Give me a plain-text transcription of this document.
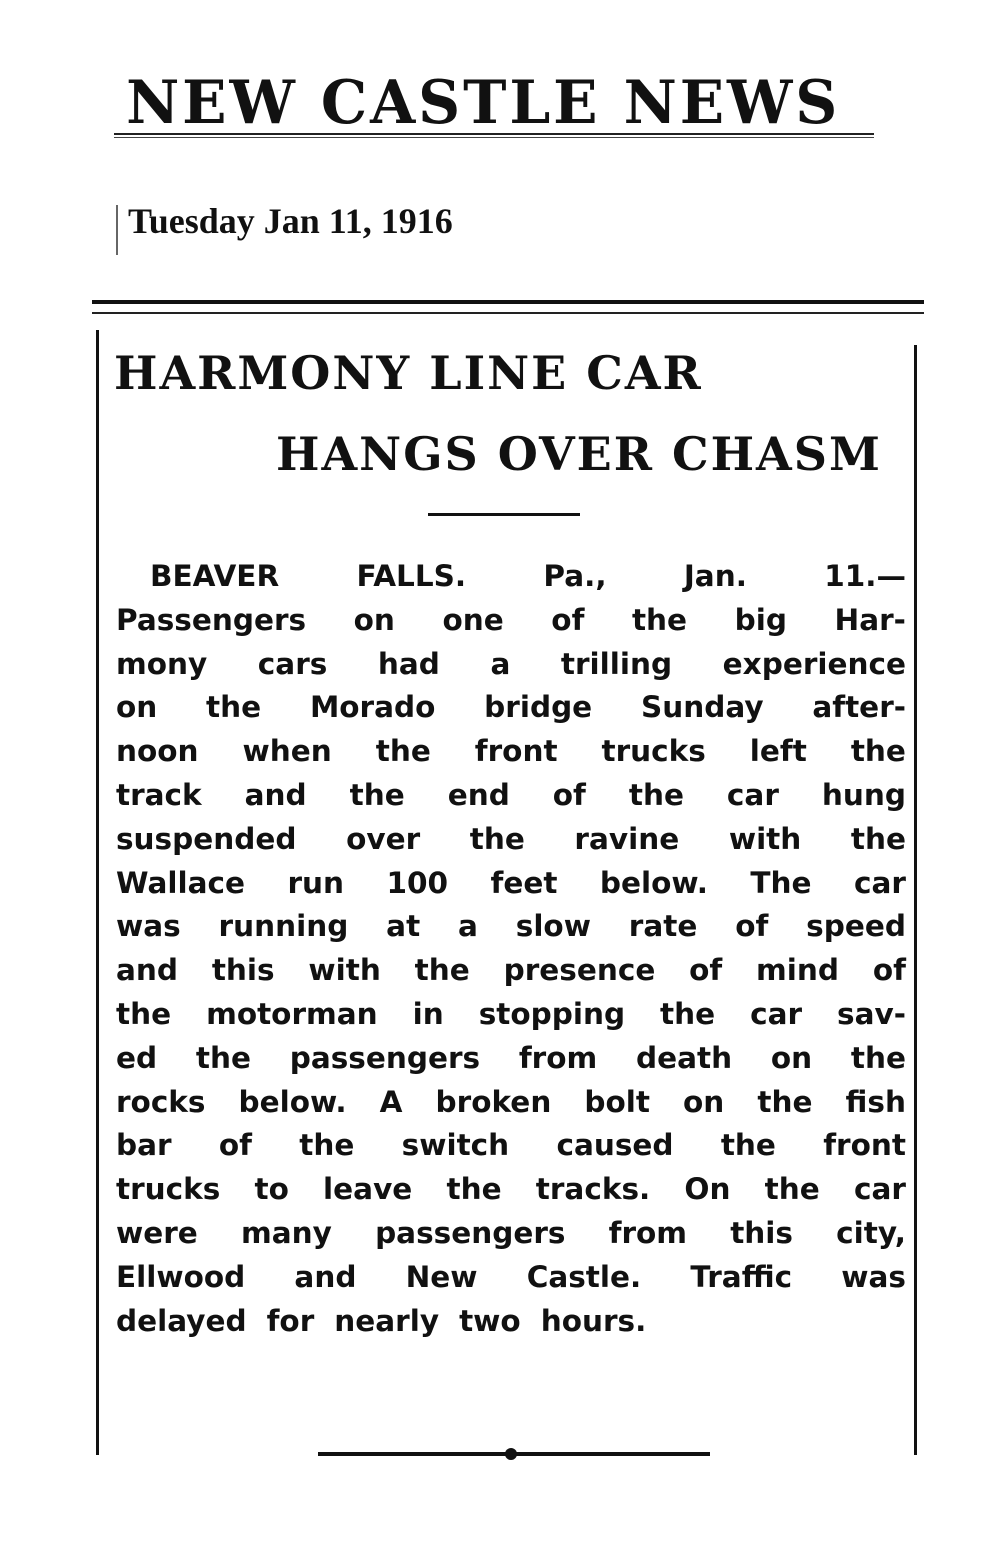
NEW CASTLE NEWS
Tuesday Jan 11, 1916
HARMONY LINE CAR
HANGS OVER CHASM
BEAVER	FALLS.	Pa.,	Jan.	11.—
Passengers on one of the big Har-
mony cars had a trilling experience
on the Morado bridge Sunday after-
noon when the front trucks left the
track and the end of the car hung
suspended over the ravine with the
Wallace run 100 feet below. The car
was running at a slow rate of speed
and this with the presence of mind of
the motorman in stopping the car sav-
ed the passengers from death on the
rocks below. A broken bolt on the fish
bar of the switch caused the front
trucks to leave the tracks. On the car
were many passengers from this city,
Ellwood and New Castle. Traffic was
delayed for nearly two hours.
